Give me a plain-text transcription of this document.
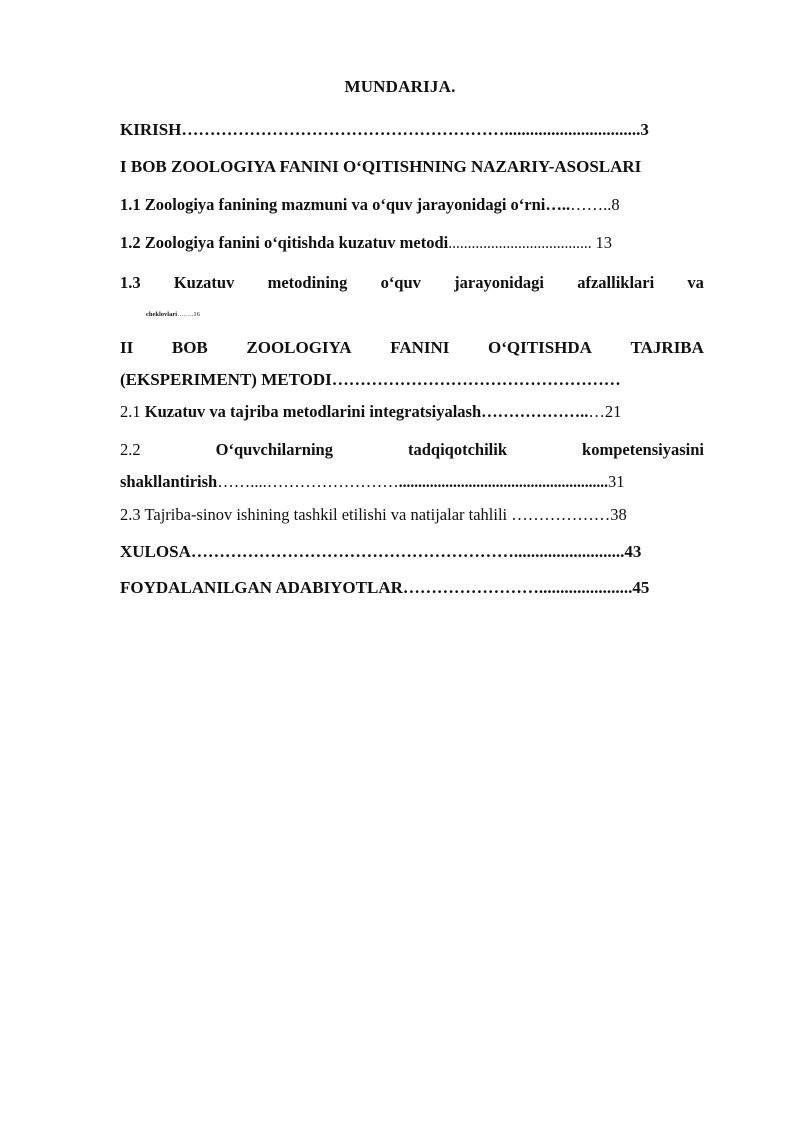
MUNDARIJA.
KIRISH…………………………………………………................................3
I BOB ZOOLOGIYA FANINI O‘QITISHNING NAZARIY-ASOSLARI
1.1 Zoologiya fanining mazmuni va o‘quv jarayonidagi o‘rni…..……..8
1.2 Zoologiya fanini o‘qitishda kuzatuv metodi..................................... 13
1.3 Kuzatuv metodining o‘quv jarayonidagi afzalliklari va
cheklovlari……..16
II BOB ZOOLOGIYA FANINI O‘QITISHDA TAJRIBA
(EKSPERIMENT) METODI……………………………………………
2.1 Kuzatuv va tajriba metodlarini integratsiyalash………………..…21
2.2	O‘quvchilarning	tadqiqotchilik	kompetensiyasini
shakllantirish……....……………………......................................................31
2.3 Tajriba-sinov ishining tashkil etilishi va natijalar tahlili ………………38
XULOSA…………………………………………………..........................43
FOYDALANILGAN ADABIYOTLAR……………………......................45
